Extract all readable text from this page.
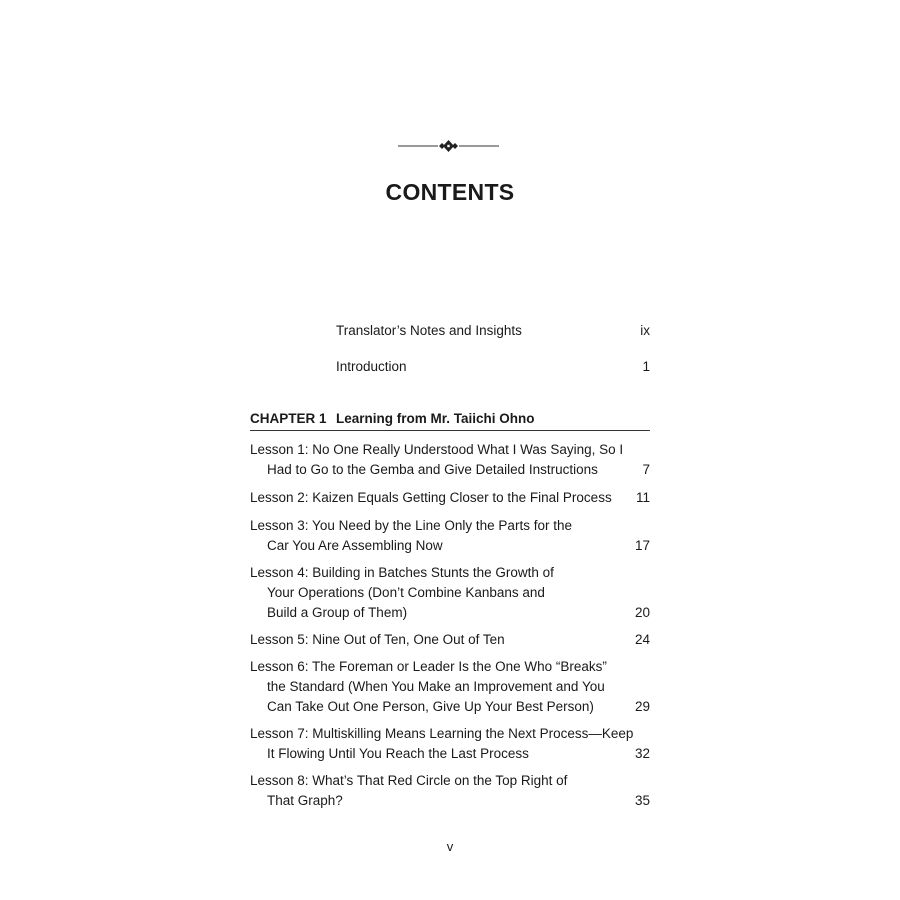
CONTENTS
Translator’s Notes and Insights	ix
Introduction	1
CHAPTER 1 Learning from Mr. Taiichi Ohno
Lesson 1: No One Really Understood What I Was Saying, So I
Had to Go to the Gemba and Give Detailed Instructions	7
Lesson 2: Kaizen Equals Getting Closer to the Final Process	11
Lesson 3: You Need by the Line Only the Parts for the
Car You Are Assembling Now	17
Lesson 4: Building in Batches Stunts the Growth of
Your Operations (Don’t Combine Kanbans and
Build a Group of Them)	20
Lesson 5: Nine Out of Ten, One Out of Ten	24
Lesson 6: The Foreman or Leader Is the One Who “Breaks”
the Standard (When You Make an Improvement and You
Can Take Out One Person, Give Up Your Best Person)	29
Lesson 7: Multiskilling Means Learning the Next Process—Keep
It Flowing Until You Reach the Last Process	32
Lesson 8: What’s That Red Circle on the Top Right of
That Graph?	35
v
